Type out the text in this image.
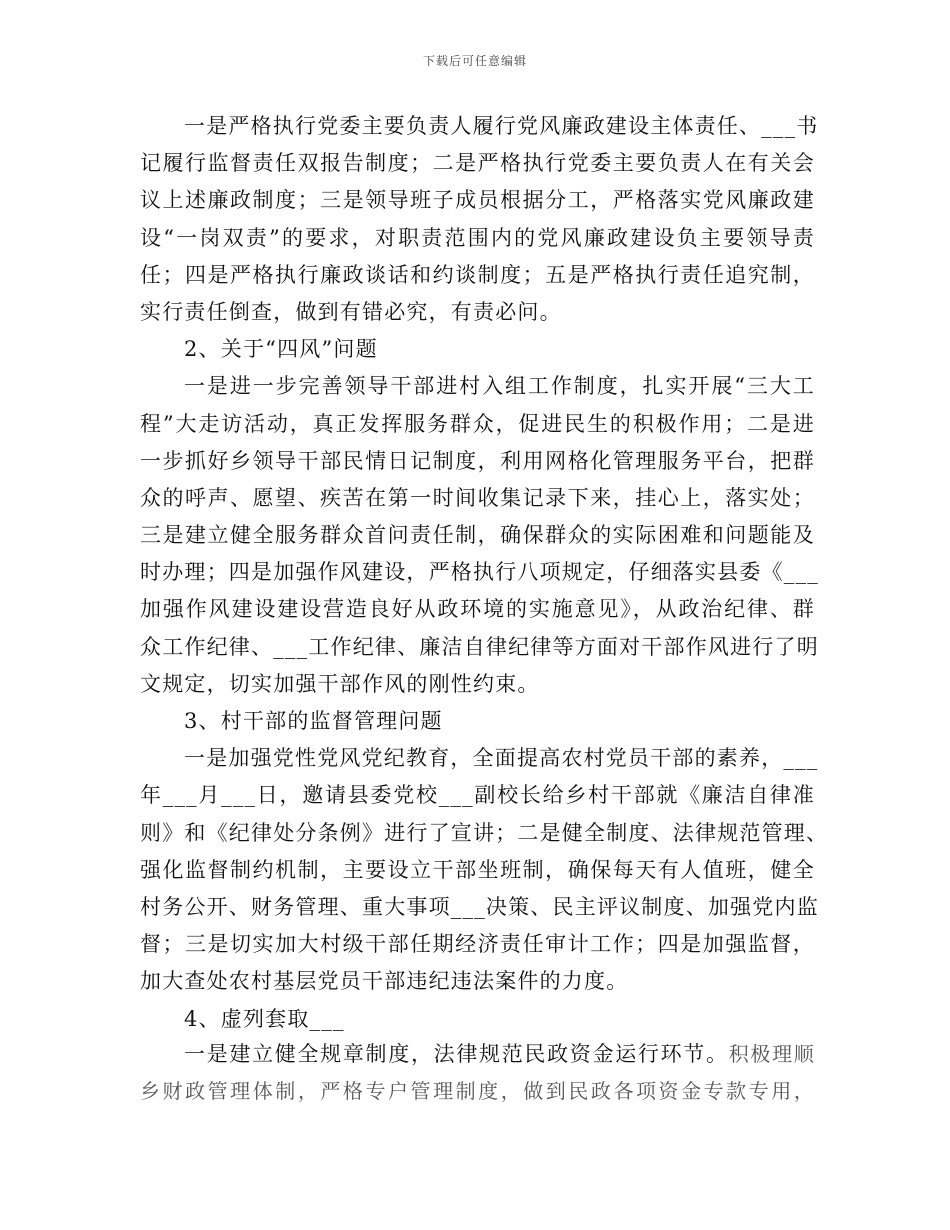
下载后可任意编辑
一是严格执行党委主要负责人履行党风廉政建设主体责任、___书
记履行监督责任双报告制度；二是严格执行党委主要负责人在有关会
议上述廉政制度；三是领导班子成员根据分工，严格落实党风廉政建
设“一岗双责”的要求，对职责范围内的党风廉政建设负主要领导责
任；四是严格执行廉政谈话和约谈制度；五是严格执行责任追究制，
实行责任倒查，做到有错必究，有责必问。
2、关于“四风”问题
一是进一步完善领导干部进村入组工作制度，扎实开展“三大工
程”大走访活动，真正发挥服务群众，促进民生的积极作用；二是进
一步抓好乡领导干部民情日记制度，利用网格化管理服务平台，把群
众的呼声、愿望、疾苦在第一时间收集记录下来，挂心上，落实处；
三是建立健全服务群众首问责任制，确保群众的实际困难和问题能及
时办理；四是加强作风建设，严格执行八项规定，仔细落实县委《___
加强作风建设建设营造良好从政环境的实施意见》，从政治纪律、群
众工作纪律、___工作纪律、廉洁自律纪律等方面对干部作风进行了明
文规定，切实加强干部作风的刚性约束。
3、村干部的监督管理问题
一是加强党性党风党纪教育，全面提高农村党员干部的素养，___
年___月___日，邀请县委党校___副校长给乡村干部就《廉洁自律准
则》和《纪律处分条例》进行了宣讲；二是健全制度、法律规范管理、
强化监督制约机制，主要设立干部坐班制，确保每天有人值班，健全
村务公开、财务管理、重大事项___决策、民主评议制度、加强党内监
督；三是切实加大村级干部任期经济责任审计工作；四是加强监督，
加大查处农村基层党员干部违纪违法案件的力度。
4、虚列套取___
一是建立健全规章制度，法律规范民政资金运行环节。积极理顺
乡财政管理体制，严格专户管理制度，做到民政各项资金专款专用，
